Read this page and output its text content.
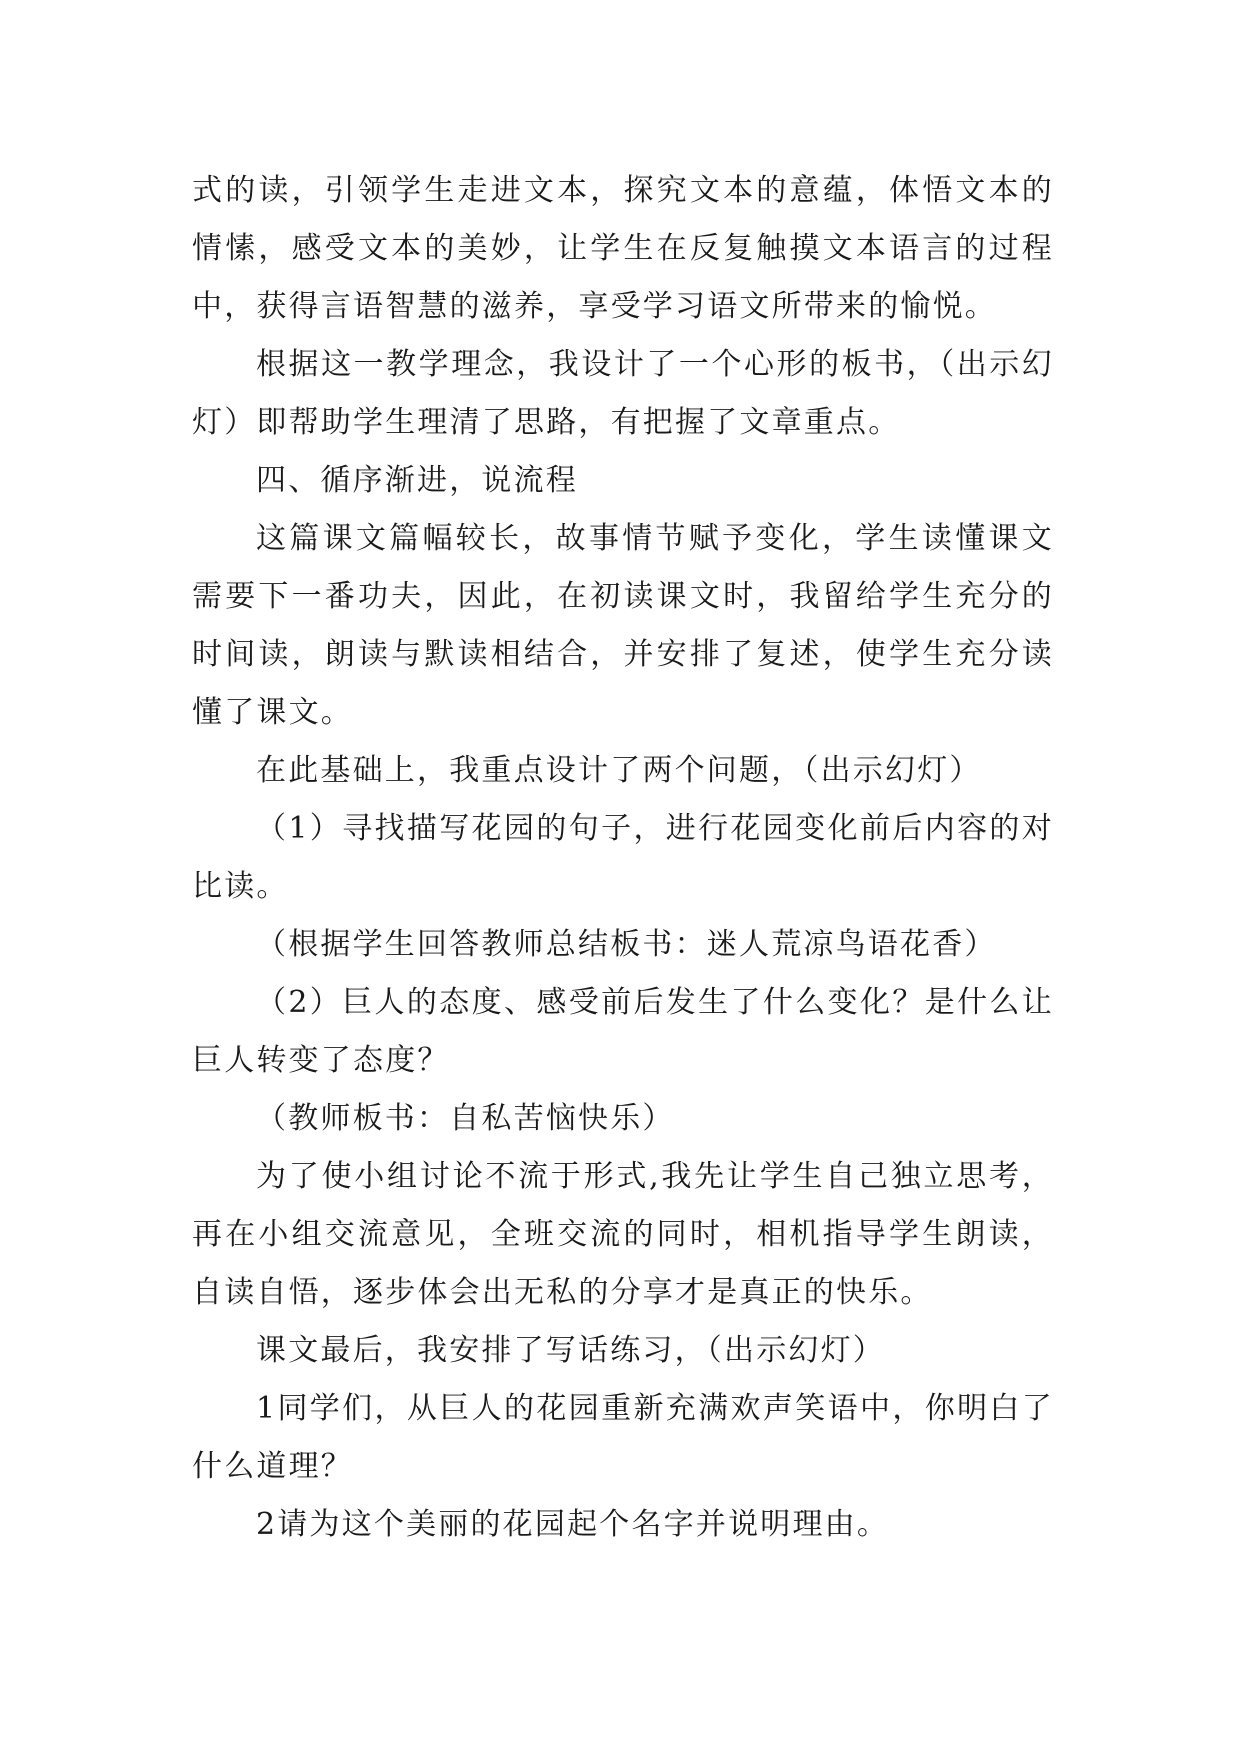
式的读，引领学生走进文本，探究文本的意蕴，体悟文本的情愫，感受文本的美妙，让学生在反复触摸文本语言的过程中，获得言语智慧的滋养，享受学习语文所带来的愉悦。

根据这一教学理念，我设计了一个心形的板书，（出示幻灯）即帮助学生理清了思路，有把握了文章重点。

四、循序渐进，说流程

这篇课文篇幅较长，故事情节赋予变化，学生读懂课文需要下一番功夫，因此，在初读课文时，我留给学生充分的时间读，朗读与默读相结合，并安排了复述，使学生充分读懂了课文。

在此基础上，我重点设计了两个问题，（出示幻灯）

（1）寻找描写花园的句子，进行花园变化前后内容的对比读。

（根据学生回答教师总结板书：迷人荒凉鸟语花香）

（2）巨人的态度、感受前后发生了什么变化？是什么让巨人转变了态度？

（教师板书：自私苦恼快乐）

为了使小组讨论不流于形式,我先让学生自己独立思考，再在小组交流意见，全班交流的同时，相机指导学生朗读，自读自悟，逐步体会出无私的分享才是真正的快乐。

课文最后，我安排了写话练习，（出示幻灯）

1同学们，从巨人的花园重新充满欢声笑语中，你明白了什么道理？

2请为这个美丽的花园起个名字并说明理由。
